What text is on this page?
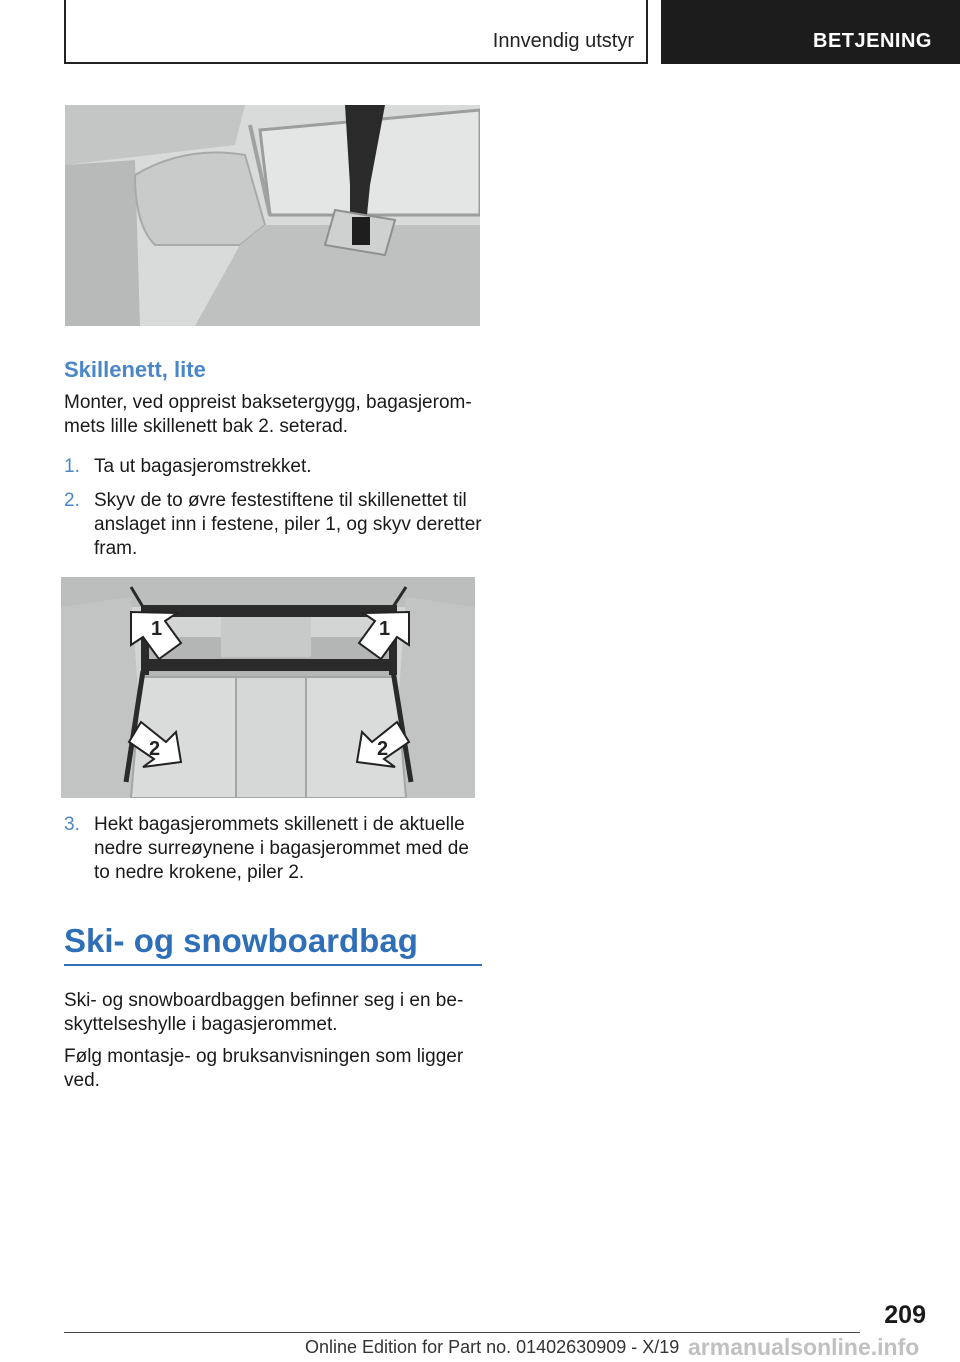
Innvendig utstyr	BETJENING
Skillenett, lite
Monter, ved oppreist baksetergygg, bagasjerom-
mets lille skillenett bak 2. seterad.
1. Ta ut bagasjeromstrekket.
2. Skyv de to øvre festestiftene til skillenettet til
anslaget inn i festene, piler 1, og skyv deretter
fram.
1	1
2	2
3. Hekt bagasjerommets skillenett i de aktuelle
nedre surreøynene i bagasjerommet med de
to nedre krokene, piler 2.
Ski- og snowboardbag
Ski- og snowboardbaggen befinner seg i en be-
skyttelseshylle i bagasjerommet.
Følg montasje- og bruksanvisningen som ligger
ved.
209
Online Edition for Part no. 01402630909 - X/19 armanualsonline.info
